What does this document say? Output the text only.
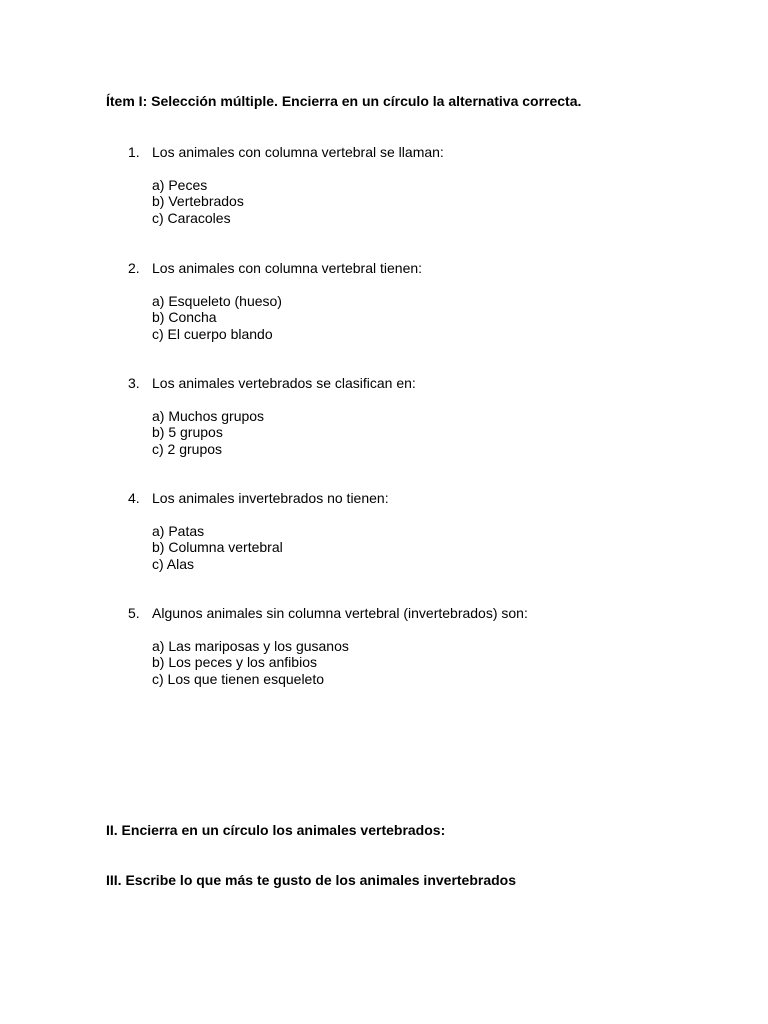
Ítem I: Selección múltiple. Encierra en un círculo la alternativa correcta.
1. Los animales con columna vertebral se llaman:
a) Peces
b) Vertebrados
c) Caracoles
2. Los animales con columna vertebral tienen:
a) Esqueleto (hueso)
b) Concha
c) El cuerpo blando
3. Los animales vertebrados se clasifican en:
a) Muchos grupos
b) 5 grupos
c) 2 grupos
4. Los animales invertebrados no tienen:
a) Patas
b) Columna vertebral
c) Alas
5. Algunos animales sin columna vertebral (invertebrados) son:
a) Las mariposas y los gusanos
b) Los peces y los anfibios
c) Los que tienen esqueleto
II. Encierra en un círculo los animales vertebrados:
III. Escribe lo que más te gusto de los animales invertebrados
